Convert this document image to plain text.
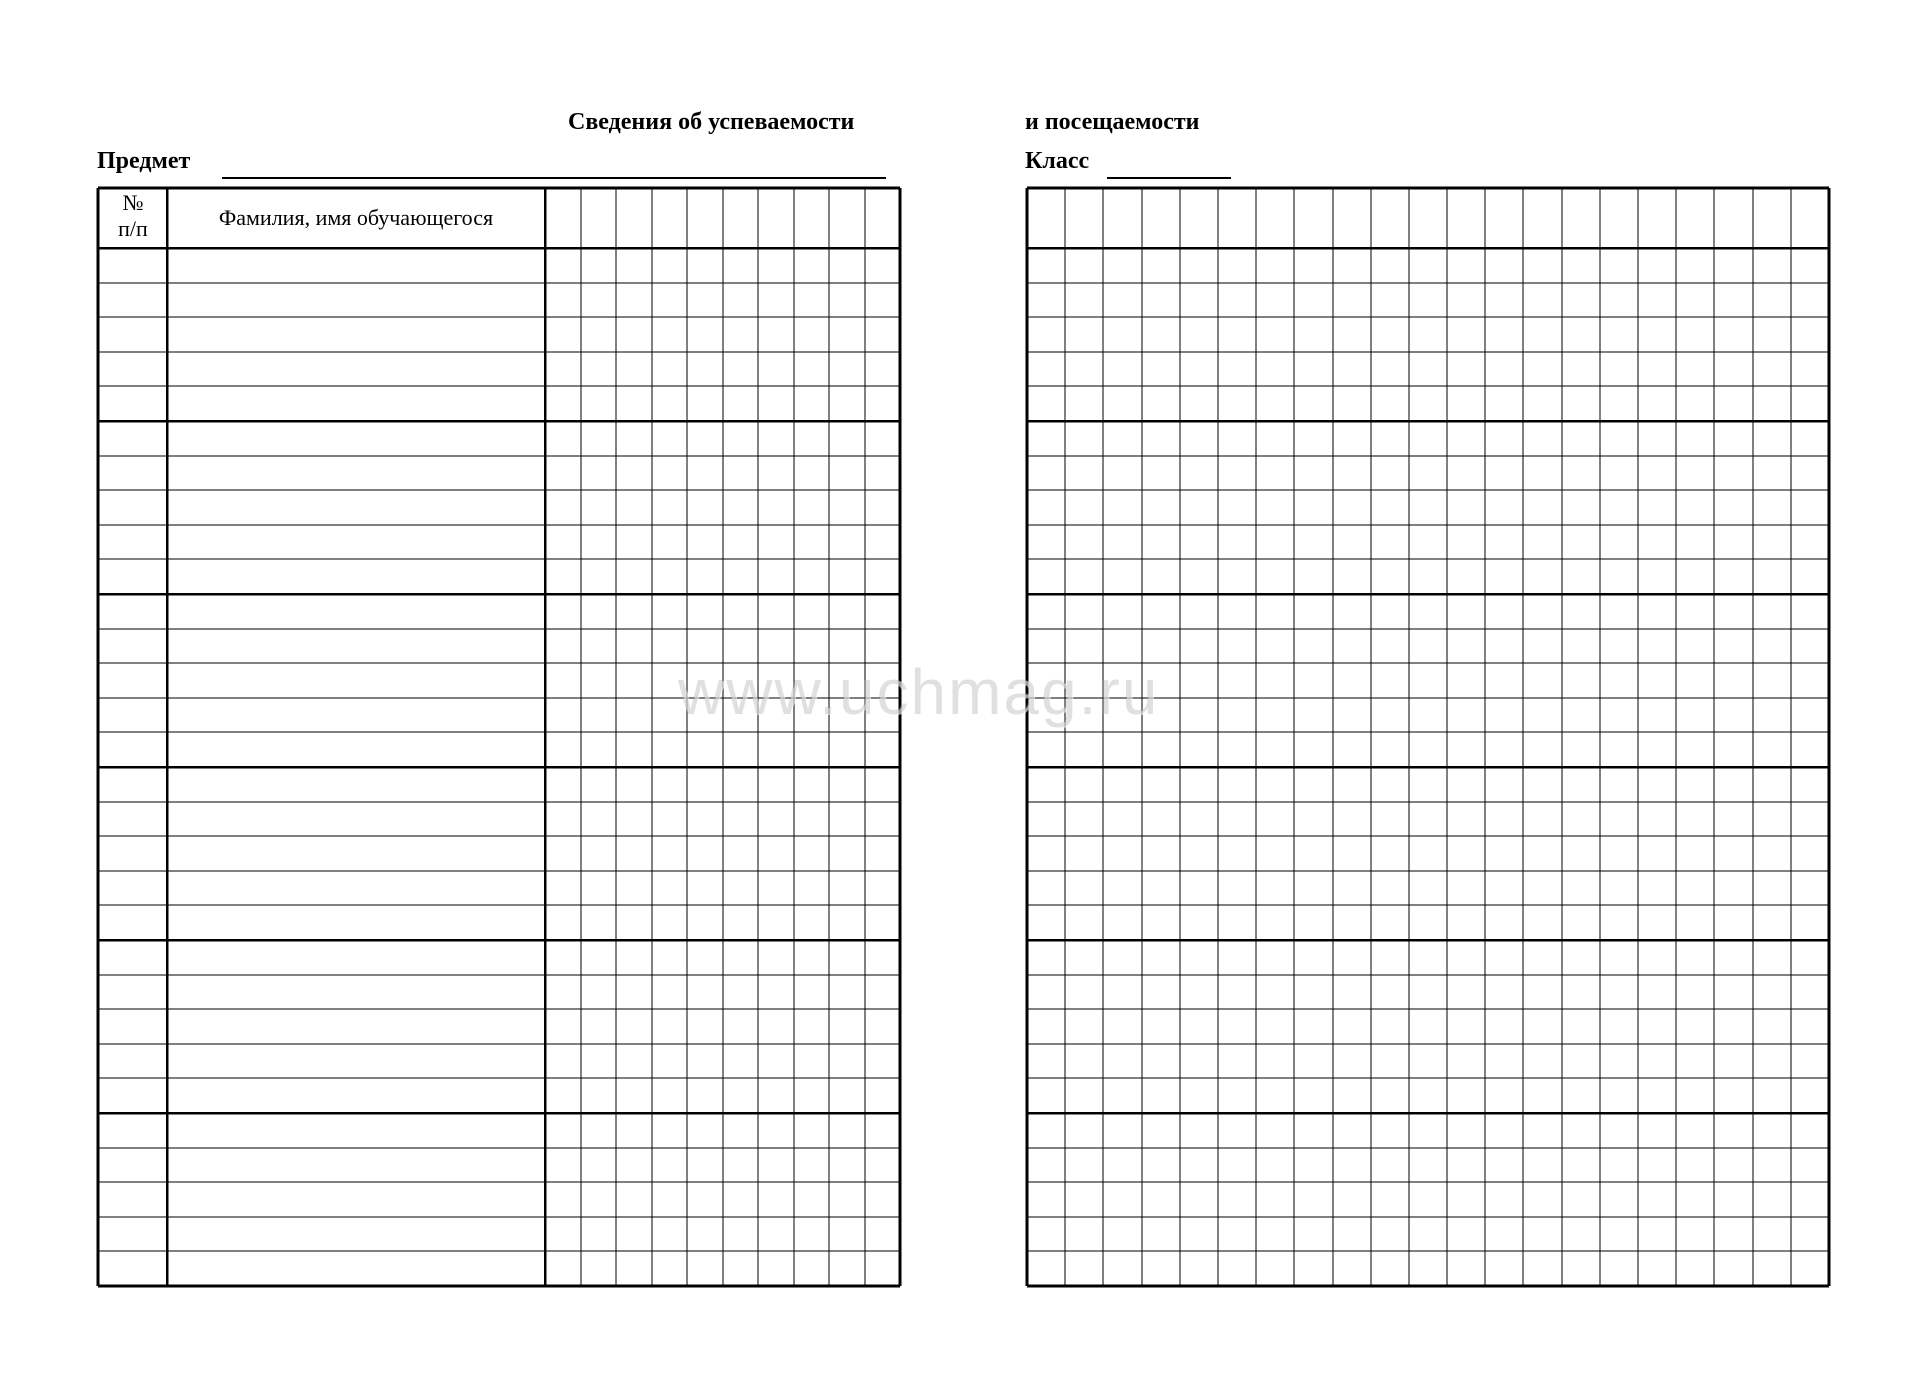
Сведения об успеваемости	и посещаемости
Предмет	Класс
№
п/п	Фамилия, имя обучающегося
www.uchmag.ru
